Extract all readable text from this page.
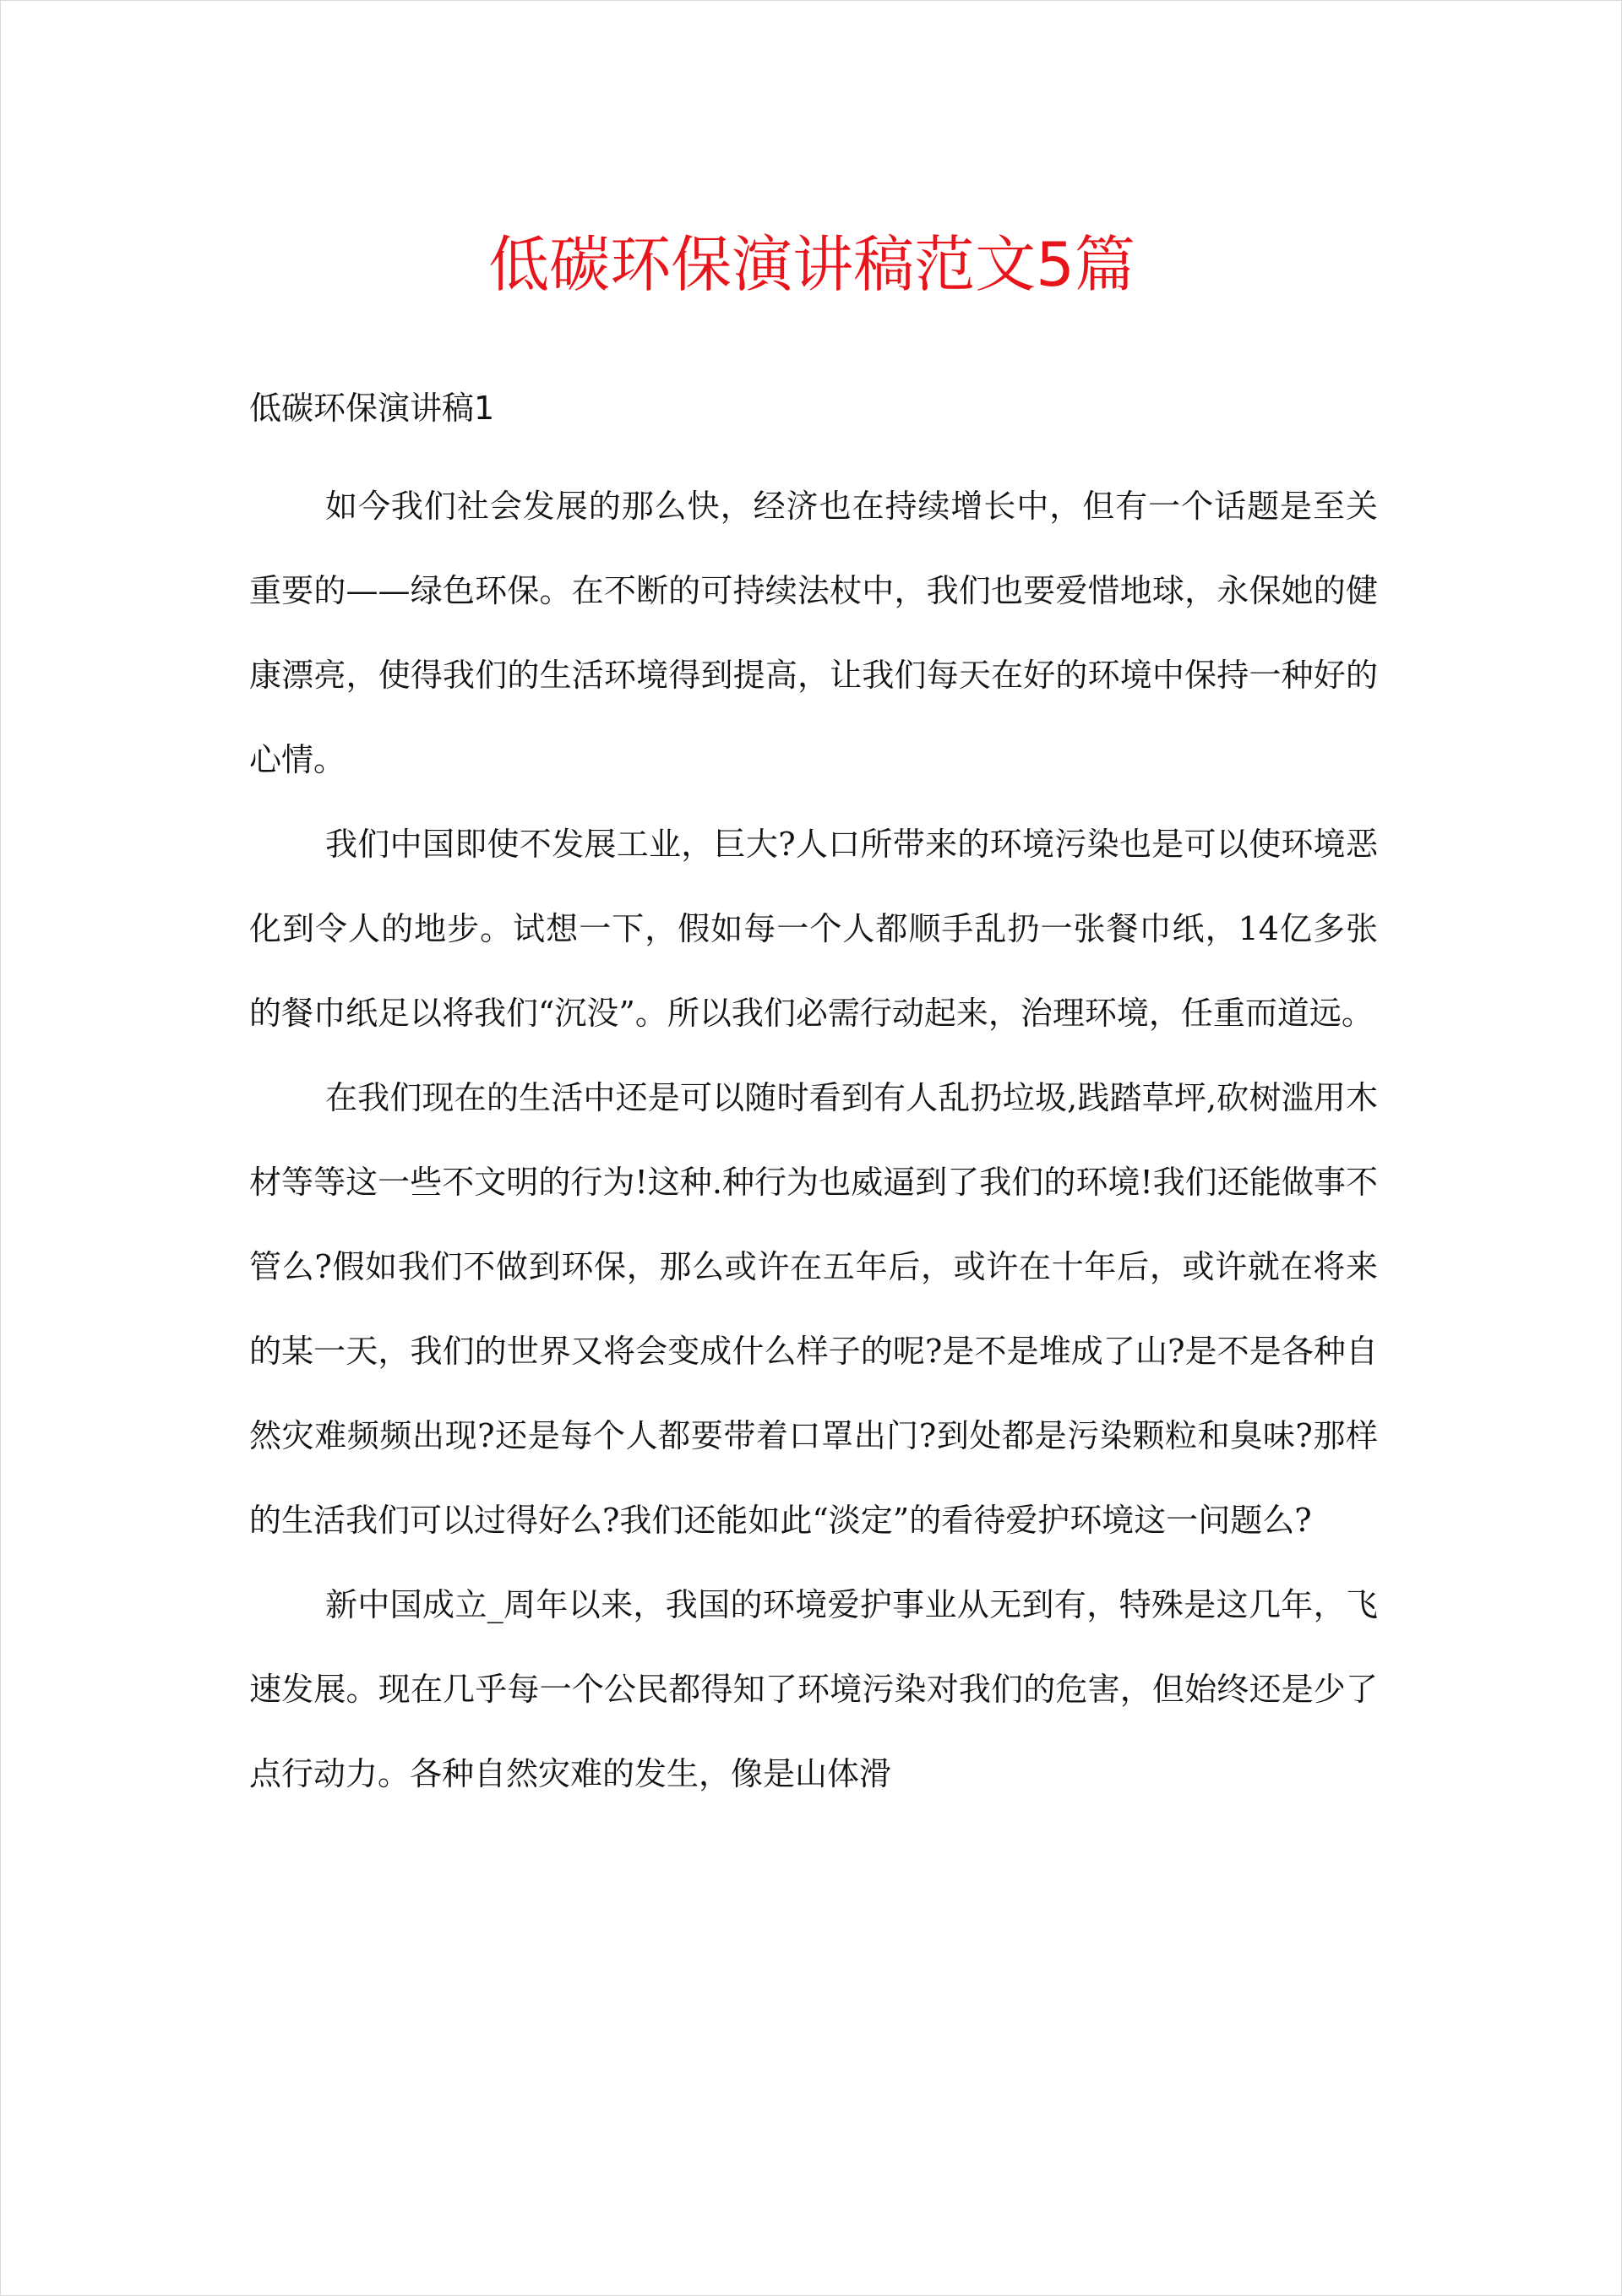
低碳环保演讲稿范文5篇
低碳环保演讲稿1

如今我们社会发展的那么快，经济也在持续增长中，但有一个话题是至关重要的——绿色环保。在不断的可持续法杖中，我们也要爱惜地球，永保她的健康漂亮，使得我们的生活环境得到提高，让我们每天在好的环境中保持一种好的心情。

我们中国即使不发展工业，巨大?人口所带来的环境污染也是可以使环境恶化到令人的地步。试想一下，假如每一个人都顺手乱扔一张餐巾纸，14亿多张的餐巾纸足以将我们“沉没”。所以我们必需行动起来，治理环境，任重而道远。

在我们现在的生活中还是可以随时看到有人乱扔垃圾,践踏草坪,砍树滥用木材等等这一些不文明的行为!这种.种行为也威逼到了我们的环境!我们还能做事不管么?假如我们不做到环保，那么或许在五年后，或许在十年后，或许就在将来的某一天，我们的世界又将会变成什么样子的呢?是不是堆成了山?是不是各种自然灾难频频出现?还是每个人都要带着口罩出门?到处都是污染颗粒和臭味?那样的生活我们可以过得好么?我们还能如此“淡定”的看待爱护环境这一问题么?

新中国成立_周年以来，我国的环境爱护事业从无到有，特殊是这几年，飞速发展。现在几乎每一个公民都得知了环境污染对我们的危害，但始终还是少了点行动力。各种自然灾难的发生，像是山体滑
